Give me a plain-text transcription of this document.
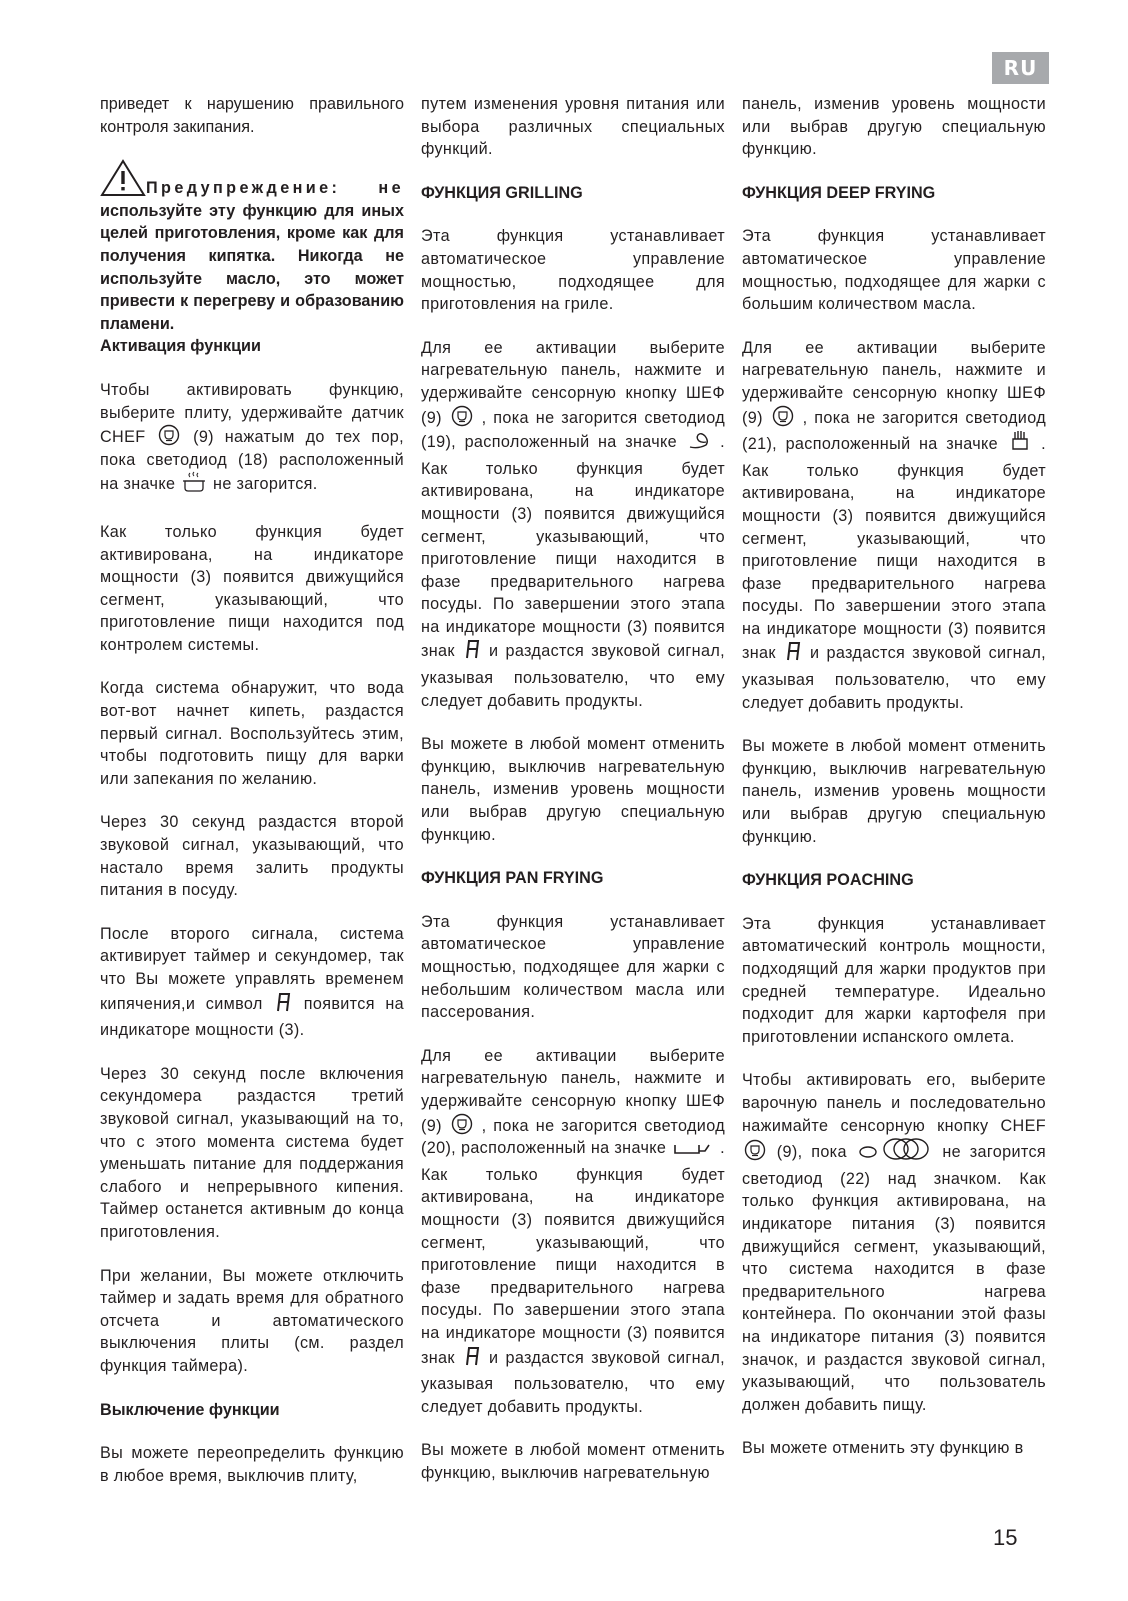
RU

приведет к нарушению правильного контроля закипания.

Предупреждение: не используйте эту функцию для иных целей приготовления, кроме как для получения кипятка. Никогда не используйте масло, это может привести к перегреву и образованию пламени.

Активация функции

Чтобы активировать функцию, выберите плиту, удерживайте датчик CHEF	(9) нажатым до тех пор, пока светодиод (18) расположенный на значке не загорится.

Как только функция будет активирована, на индикаторе мощности (3) появится движущийся сегмент, указывающий, что приготовление пищи находится под контролем системы.

Когда система обнаружит, что вода вот-вот начнет кипеть, раздастся первый сигнал. Воспользуйтесь этим, чтобы подготовить пищу для варки или запекания по желанию.

Через 30 секунд раздастся второй звуковой сигнал, указывающий, что настало время залить продукты питания в посуду.

После второго сигнала, система активирует таймер и секундомер, так что Вы можете управлять временем кипячения,и символ	появится на индикаторе мощности (3).

Через 30 секунд после включения секундомера раздастся третий звуковой сигнал, указывающий на то, что с этого момента система будет уменьшать питание для поддержания слабого и непрерывного кипения. Таймер останется активным до конца приготовления.

При желании, Вы можете отключить таймер и задать время для обратного отсчета и автоматического выключения плиты (см. раздел функция таймера).

Выключение функции

Вы можете переопределить функцию в любое время, выключив плиту,

путем изменения уровня питания или выбора различных специальных функций.

ФУНКЦИЯ GRILLING

Эта функция устанавливает автоматическое управление мощностью, подходящее для приготовления на гриле.

Для ее активации выберите нагревательную панель, нажмите и удерживайте сенсорную кнопку ШЕФ (9) , пока не загорится светодиод (19), расположенный на значке	. Как только функция будет активирована, на индикаторе мощности (3) появится движущийся сегмент, указывающий, что приготовление пищи находится в фазе предварительного нагрева посуды. По завершении этого этапа на индикаторе мощности (3) появится знак и раздастся звуковой сигнал, указывая пользователю, что ему следует добавить продукты.

Вы можете в любой момент отменить функцию, выключив нагревательную панель, изменив уровень мощности или выбрав другую специальную функцию.

ФУНКЦИЯ PAN FRYING

Эта функция устанавливает автоматическое управление мощностью, подходящее для жарки с небольшим количеством масла или пассерования.

Для ее активации выберите нагревательную панель, нажмите и удерживайте сенсорную кнопку ШЕФ (9) , пока не загорится светодиод (20), расположенный на значке	. Как только функция будет активирована, на индикаторе мощности (3) появится движущийся сегмент, указывающий, что приготовление пищи находится в фазе предварительного нагрева посуды. По завершении этого этапа на индикаторе мощности (3) появится знак и раздастся звуковой сигнал, указывая пользователю, что ему следует добавить продукты.

Вы можете в любой момент отменить функцию, выключив нагревательную

панель, изменив уровень мощности или выбрав другую специальную функцию.

ФУНКЦИЯ DEEP FRYING

Эта функция устанавливает автоматическое управление мощностью, подходящее для жарки с большим количеством масла.

Для ее активации выберите нагревательную панель, нажмите и удерживайте сенсорную кнопку ШЕФ (9) , пока не загорится светодиод (21), расположенный на значке	. Как только функция будет активирована, на индикаторе мощности (3) появится движущийся сегмент, указывающий, что приготовление пищи находится в фазе предварительного нагрева посуды. По завершении этого этапа на индикаторе мощности (3) появится знак и раздастся звуковой сигнал, указывая пользователю, что ему следует добавить продукты.

Вы можете в любой момент отменить функцию, выключив нагревательную панель, изменив уровень мощности или выбрав другую специальную функцию.

ФУНКЦИЯ POACHING

Эта функция устанавливает автоматический контроль мощности, подходящий для жарки продуктов при средней температуре. Идеально подходит для жарки картофеля при приготовлении испанского омлета.

Чтобы активировать его, выберите варочную панель и последовательно нажимайте сенсорную кнопку CHEF  (9), пока	не загорится светодиод (22) над значком. Как только функция активирована, на индикаторе питания (3) появится движущийся сегмент, указывающий, что система находится в фазе предварительного нагрева контейнера. По окончании этой фазы на индикаторе питания (3) появится значок, и раздастся звуковой сигнал, указывающий, что пользователь должен добавить пищу.

Вы можете отменить эту функцию в

15
